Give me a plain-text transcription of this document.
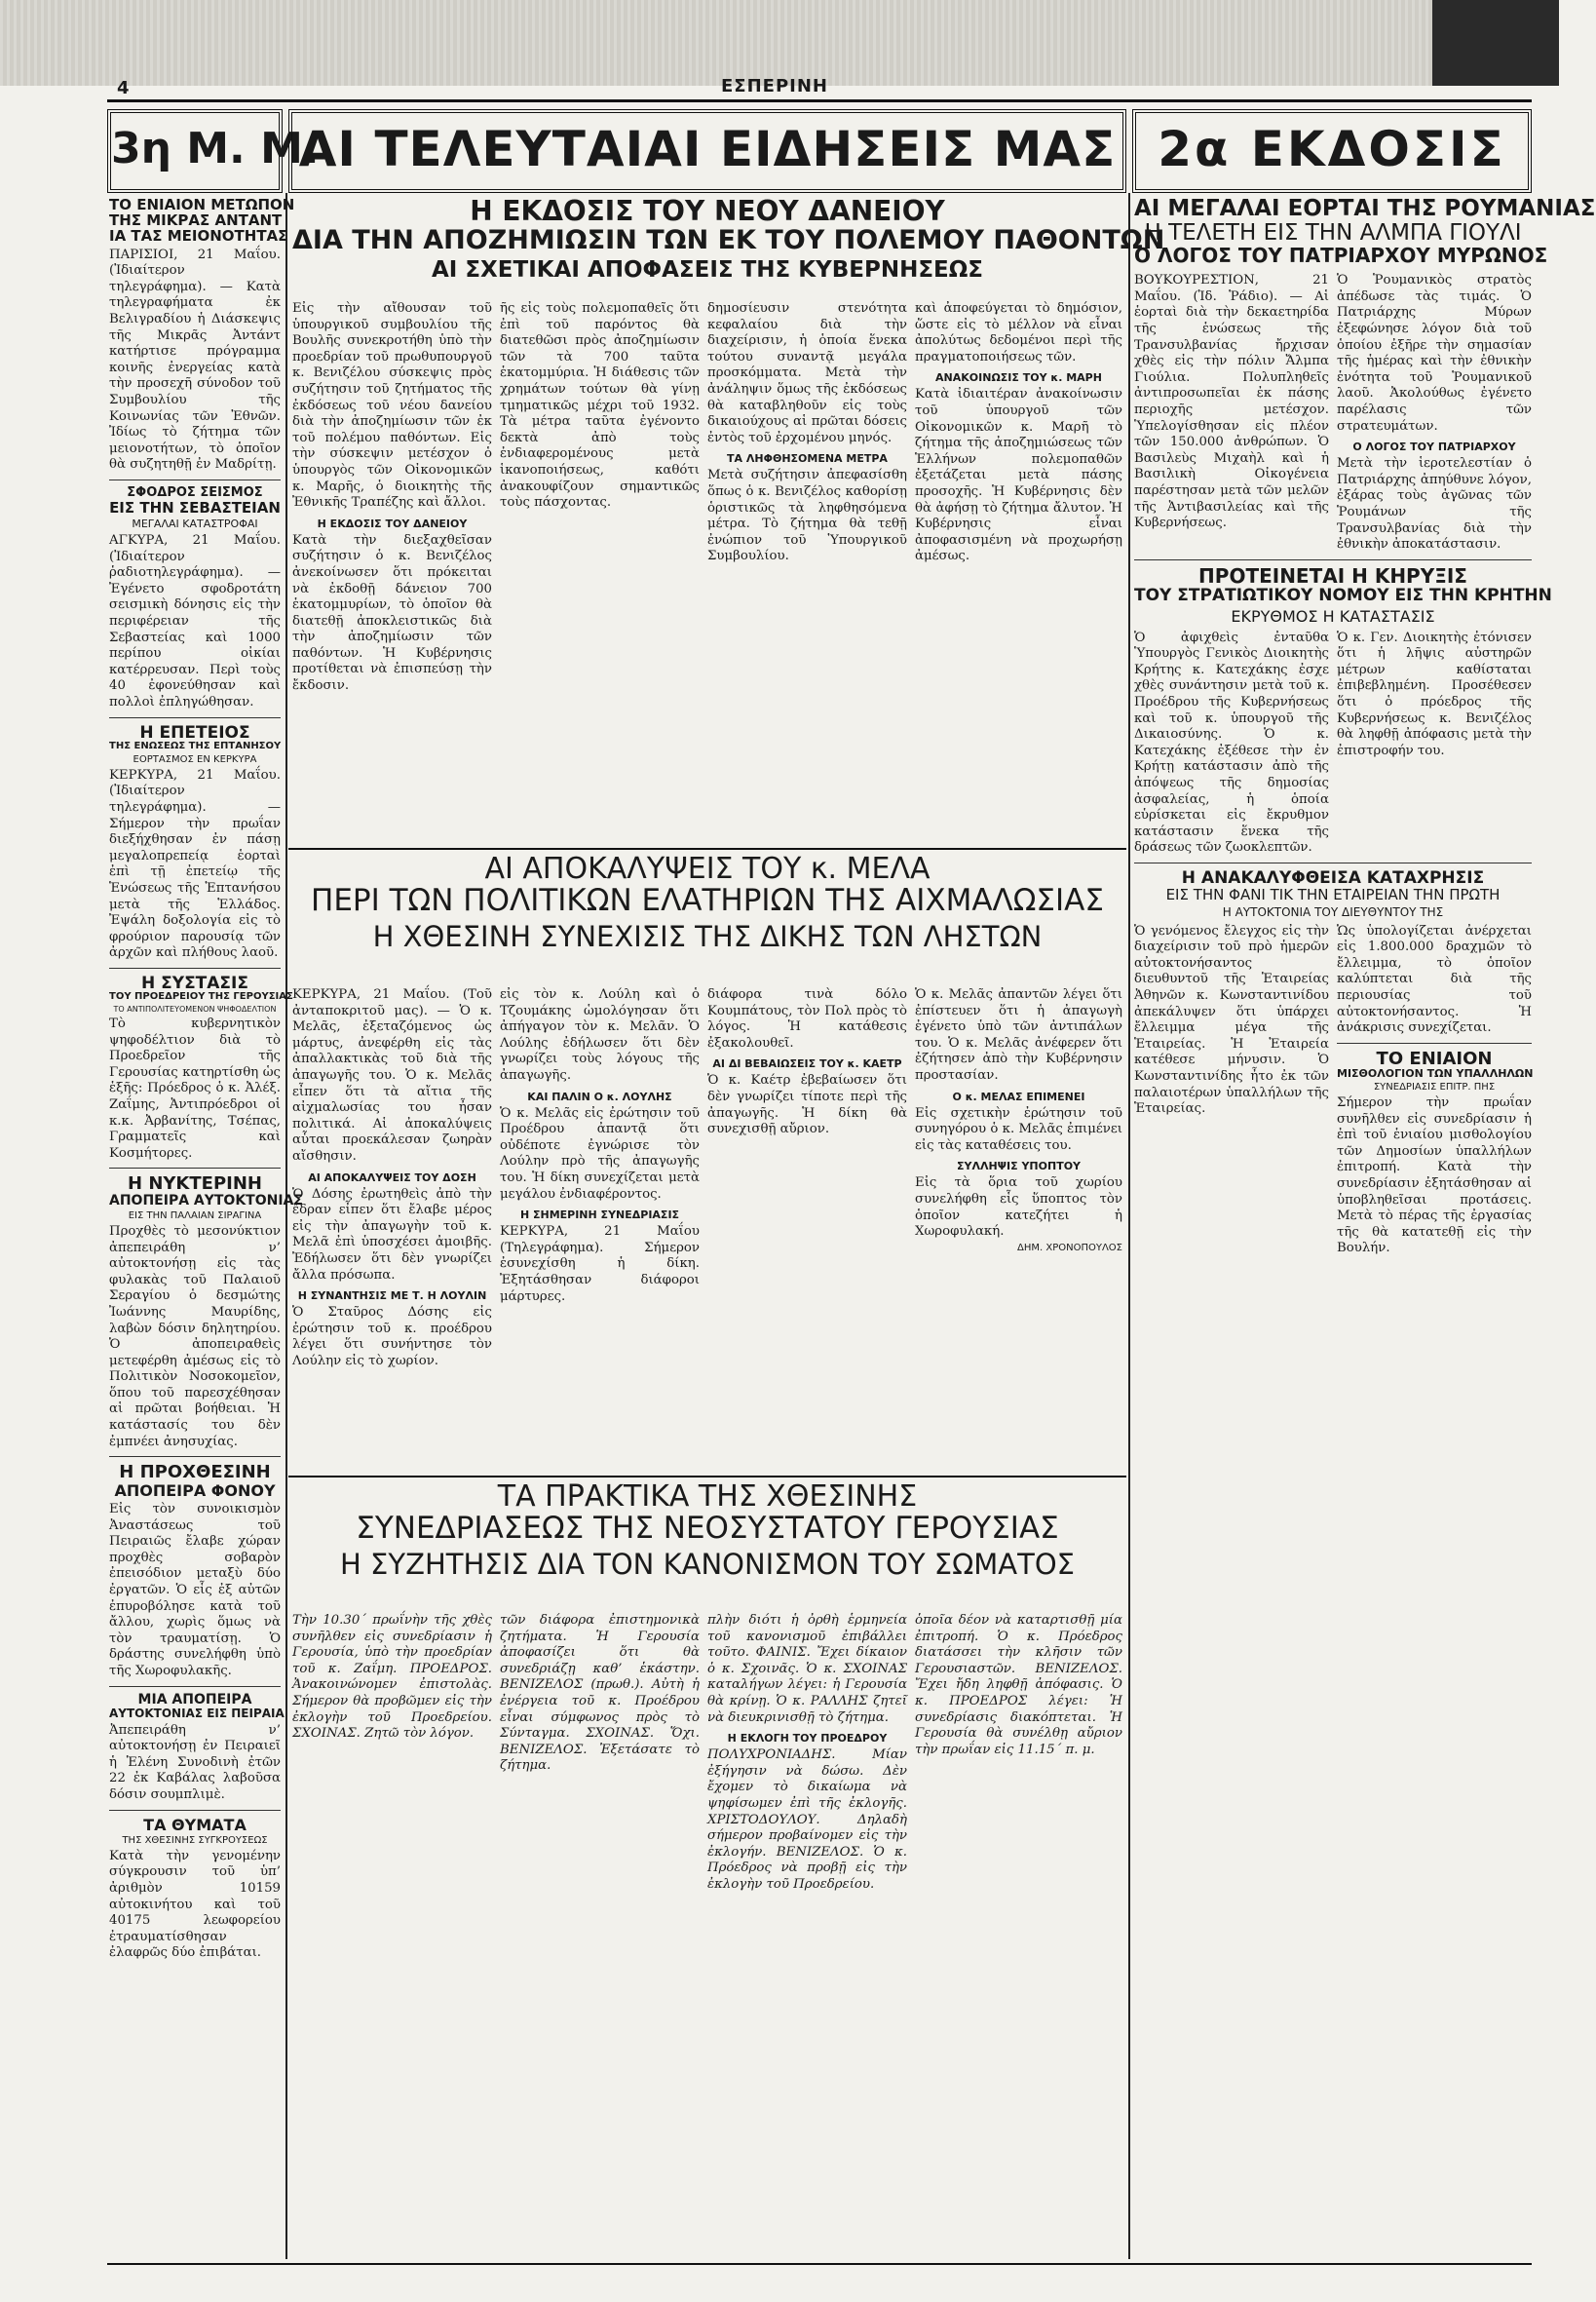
4	ΕΣΠΕΡΙΝΗ
3η Μ. Μ.
ΑΙ ΤΕΛΕΥΤΑΙΑΙ ΕΙΔΗΣΕΙΣ ΜΑΣ 2α ΕΚΔΟΣΙΣ

ΤΟ ΕΝΙΑΙΟΝ ΜΕΤΩΠΟΝ

ΤΗΣ ΜΙΚΡΑΣ ΑΝΤΑΝΤ

ΙΑ ΤΑΣ ΜΕΙΟΝΟΤΗΤΑΣ

ΠΑΡΙΣΙΟΙ, 21 Μαΐου. (Ἰδιαίτερον τηλεγράφημα). — Κατὰ τηλεγραφήματα ἐκ Βελιγραδίου ἡ Διάσκεψις τῆς Μικρᾶς Ἀντάντ κατήρτισε πρόγραμμα κοινῆς ἐνεργείας κατὰ τὴν προσεχῆ σύνοδον τοῦ Συμβουλίου τῆς Κοινωνίας τῶν Ἐθνῶν. Ἰδίως τὸ ζήτημα τῶν μειονοτήτων, τὸ ὁποῖον θὰ συζητηθῇ ἐν Μαδρίτῃ.

ΣΦΟΔΡΟΣ ΣΕΙΣΜΟΣ

ΕΙΣ ΤΗΝ ΣΕΒΑΣΤΕΙΑΝ

ΜΕΓΑΛΑΙ ΚΑΤΑΣΤΡΟΦΑΙ

ΑΓΚΥΡΑ, 21 Μαΐου. (Ἰδιαίτερον ῥαδιοτηλεγράφημα). — Ἐγένετο σφοδροτάτη σεισμικὴ δόνησις εἰς τὴν περιφέρειαν τῆς Σεβαστείας καὶ 1000 περίπου οἰκίαι κατέρρευσαν. Περὶ τοὺς 40 ἐφονεύθησαν καὶ πολλοὶ ἐπληγώθησαν.

Η ΕΠΕΤΕΙΟΣ

ΤΗΣ ΕΝΩΣΕΩΣ ΤΗΣ ΕΠΤΑΝΗΣΟΥ

ΕΟΡΤΑΣΜΟΣ ΕΝ ΚΕΡΚΥΡΑ

ΚΕΡΚΥΡΑ, 21 Μαΐου. (Ἰδιαίτερον τηλεγράφημα). — Σήμερον τὴν πρωΐαν διεξήχθησαν ἐν πάσῃ μεγαλοπρεπείᾳ ἑορταὶ ἐπὶ τῇ ἐπετείῳ τῆς Ἑνώσεως τῆς Ἑπτανήσου μετὰ τῆς Ἑλλάδος. Ἐψάλη δοξολογία εἰς τὸ φρούριον παρουσίᾳ τῶν ἀρχῶν καὶ πλήθους λαοῦ.

Η ΣΥΣΤΑΣΙΣ

ΤΟΥ ΠΡΟΕΔΡΕΙΟΥ ΤΗΣ ΓΕΡΟΥΣΙΑΣ

ΤΟ ΑΝΤΙΠΟΛΙΤΕΥΟΜΕΝΟΝ ΨΗΦΟΔΕΛΤΙΟΝ

Τὸ κυβερνητικὸν ψηφοδέλτιον διὰ τὸ Προεδρεῖον τῆς Γερουσίας κατηρτίσθη ὡς ἑξῆς: Πρόεδρος ὁ κ. Ἀλέξ. Ζαΐμης, Ἀντιπρόεδροι οἱ κ.κ. Ἀρβανίτης, Τσέπας, Γραμματεῖς καὶ Κοσμήτορες.

Η ΝΥΚΤΕΡΙΝΗ

ΑΠΟΠΕΙΡΑ ΑΥΤΟΚΤΟΝΙΑΣ

ΕΙΣ ΤΗΝ ΠΑΛΑΙΑΝ ΣΙΡΑΓΙΝΑ

Προχθὲς τὸ μεσονύκτιον ἀπεπειράθη ν’ αὐτοκτονήσῃ εἰς τὰς φυλακὰς τοῦ Παλαιοῦ Σεραγίου ὁ δεσμώτης Ἰωάννης Μαυρίδης, λαβὼν δόσιν δηλητηρίου. Ὁ ἀποπειραθεὶς μετεφέρθη ἀμέσως εἰς τὸ Πολιτικὸν Νοσοκομεῖον, ὅπου τοῦ παρεσχέθησαν αἱ πρῶται βοήθειαι. Ἡ κατάστασίς του δὲν ἐμπνέει ἀνησυχίας.

Η ΠΡΟΧΘΕΣΙΝΗ

ΑΠΟΠΕΙΡΑ ΦΟΝΟΥ

Εἰς τὸν συνοικισμὸν Ἀναστάσεως τοῦ Πειραιῶς ἔλαβε χώραν προχθὲς σοβαρὸν ἐπεισόδιον μεταξὺ δύο ἐργατῶν. Ὁ εἷς ἐξ αὐτῶν ἐπυροβόλησε κατὰ τοῦ ἄλλου, χωρὶς ὅμως νὰ τὸν τραυματίσῃ. Ὁ δράστης συνελήφθη ὑπὸ τῆς Χωροφυλακῆς.

ΜΙΑ ΑΠΟΠΕΙΡΑ

ΑΥΤΟΚΤΟΝΙΑΣ ΕΙΣ ΠΕΙΡΑΙΑ

Ἀπεπειράθη ν’ αὐτοκτονήσῃ ἐν Πειραιεῖ ἡ Ἑλένη Συνοδινὴ ἐτῶν 22 ἐκ Καβάλας λαβοῦσα δόσιν σουμπλιμὲ.

ΤΑ ΘΥΜΑΤΑ

ΤΗΣ ΧΘΕΣΙΝΗΣ ΣΥΓΚΡΟΥΣΕΩΣ

Κατὰ τὴν γενομένην σύγκρουσιν τοῦ ὑπ’ ἀριθμὸν 10159 αὐτοκινήτου καὶ τοῦ 40175 λεωφορείου ἐτραυματίσθησαν ἐλαφρῶς δύο ἐπιβάται.

Η ΕΚΔΟΣΙΣ ΤΟΥ ΝΕΟΥ ΔΑΝΕΙΟΥ

ΔΙΑ ΤΗΝ ΑΠΟΖΗΜΙΩΣΙΝ ΤΩΝ ΕΚ ΤΟΥ ΠΟΛΕΜΟΥ ΠΑΘΟΝΤΩΝ

ΑΙ ΣΧΕΤΙΚΑΙ ΑΠΟΦΑΣΕΙΣ ΤΗΣ ΚΥΒΕΡΝΗΣΕΩΣ

Εἰς τὴν αἴθουσαν τοῦ ὑπουργικοῦ συμβουλίου τῆς Βουλῆς συνεκροτήθη ὑπὸ τὴν προεδρίαν τοῦ πρωθυπουργοῦ κ. Βενιζέλου σύσκεψις πρὸς συζήτησιν τοῦ ζητήματος τῆς ἐκδόσεως τοῦ νέου δανείου διὰ τὴν ἀποζημίωσιν τῶν ἐκ τοῦ πολέμου παθόντων. Εἰς τὴν σύσκεψιν μετέσχον ὁ ὑπουργὸς τῶν Οἰκονομικῶν κ. Μαρῆς, ὁ διοικητὴς τῆς Ἐθνικῆς Τραπέζης καὶ ἄλλοι.

Η ΕΚΔΟΣΙΣ ΤΟΥ ΔΑΝΕΙΟΥ

Κατὰ τὴν διεξαχθεῖσαν συζήτησιν ὁ κ. Βενιζέλος ἀνεκοίνωσεν ὅτι πρόκειται νὰ ἐκδοθῇ δάνειον 700 ἑκατομμυρίων, τὸ ὁποῖον θὰ διατεθῇ ἀποκλειστικῶς διὰ τὴν ἀποζημίωσιν τῶν παθόντων. Ἡ Κυβέρνησις προτίθεται νὰ ἐπισπεύσῃ τὴν ἔκδοσιν.

ῆς εἰς τοὺς πολεμοπαθεῖς ὅτι ἐπὶ τοῦ παρόντος θὰ διατεθῶσι πρὸς ἀποζημίωσιν τῶν τὰ 700 ταῦτα ἑκατομμύρια. Ἡ διάθεσις τῶν χρημάτων τούτων θὰ γίνῃ τμηματικῶς μέχρι τοῦ 1932. Τὰ μέτρα ταῦτα ἐγένοντο δεκτὰ ἀπὸ τοὺς ἐνδιαφερομένους μετὰ ἱκανοποιήσεως, καθότι ἀνακουφίζουν σημαντικῶς τοὺς πάσχοντας.

δημοσίευσιν στενότητα κεφαλαίου διὰ τὴν διαχείρισιν, ἡ ὁποία ἕνεκα τούτου συναντᾷ μεγάλα προσκόμματα. Μετὰ τὴν ἀνάληψιν ὅμως τῆς ἐκδόσεως θὰ καταβληθοῦν εἰς τοὺς δικαιούχους αἱ πρῶται δόσεις ἐντὸς τοῦ ἐρχομένου μηνός.

ΤΑ ΛΗΦΘΗΣΟΜΕΝΑ ΜΕΤΡΑ

Μετὰ συζήτησιν ἀπεφασίσθη ὅπως ὁ κ. Βενιζέλος καθορίσῃ ὁριστικῶς τὰ ληφθησόμενα μέτρα. Τὸ ζήτημα θὰ τεθῇ ἐνώπιον τοῦ Ὑπουργικοῦ Συμβουλίου.

καὶ ἀποφεύγεται τὸ δημόσιον, ὥστε εἰς τὸ μέλλον νὰ εἶναι ἀπολύτως δεδομένοι περὶ τῆς πραγματοποιήσεως τῶν.

ΑΝΑΚΟΙΝΩΣΙΣ ΤΟΥ κ. ΜΑΡΗ

Κατὰ ἰδιαιτέραν ἀνακοίνωσιν τοῦ ὑπουργοῦ τῶν Οἰκονομικῶν κ. Μαρῆ τὸ ζήτημα τῆς ἀποζημιώσεως τῶν Ἑλλήνων πολεμοπαθῶν ἐξετάζεται μετὰ πάσης προσοχῆς. Ἡ Κυβέρνησις δὲν θὰ ἀφήσῃ τὸ ζήτημα ἄλυτον. Ἡ Κυβέρνησις εἶναι ἀποφασισμένη νὰ προχωρήσῃ ἀμέσως.

ΑΙ ΑΠΟΚΑΛΥΨΕΙΣ ΤΟΥ κ. ΜΕΛΑ

ΠΕΡΙ ΤΩΝ ΠΟΛΙΤΙΚΩΝ ΕΛΑΤΗΡΙΩΝ ΤΗΣ ΑΙΧΜΑΛΩΣΙΑΣ

Η ΧΘΕΣΙΝΗ ΣΥΝΕΧΙΣΙΣ ΤΗΣ ΔΙΚΗΣ ΤΩΝ ΛΗΣΤΩΝ

ΚΕΡΚΥΡΑ, 21 Μαΐου. (Τοῦ ἀνταποκριτοῦ μας). — Ὁ κ. Μελᾶς, ἐξεταζόμενος ὡς μάρτυς, ἀνεφέρθη εἰς τὰς ἀπαλλακτικὰς τοῦ διὰ τῆς ἀπαγωγῆς του. Ὁ κ. Μελᾶς εἶπεν ὅτι τὰ αἴτια τῆς αἰχμαλωσίας του ἦσαν πολιτικά. Αἱ ἀποκαλύψεις αὗται προεκάλεσαν ζωηρὰν αἴσθησιν.

ΑΙ ΑΠΟΚΑΛΥΨΕΙΣ ΤΟΥ ΔΟΣΗ

Ὁ Δόσης ἐρωτηθεὶς ἀπὸ τὴν ἕδραν εἶπεν ὅτι ἔλαβε μέρος εἰς τὴν ἀπαγωγὴν τοῦ κ. Μελᾶ ἐπὶ ὑποσχέσει ἀμοιβῆς. Ἐδήλωσεν ὅτι δὲν γνωρίζει ἄλλα πρόσωπα.

Η ΣΥΝΑΝΤΗΣΙΣ ΜΕ Τ. Η ΛΟΥΛΙΝ

Ὁ Σταῦρος Δόσης εἰς ἐρώτησιν τοῦ κ. προέδρου λέγει ὅτι συνήντησε τὸν Λούλην εἰς τὸ χωρίον.

εἰς τὸν κ. Λούλη καὶ ὁ Τζουμάκης ὡμολόγησαν ὅτι ἀπήγαγον τὸν κ. Μελᾶν. Ὁ Λούλης ἐδήλωσεν ὅτι δὲν γνωρίζει τοὺς λόγους τῆς ἀπαγωγῆς.

ΚΑΙ ΠΑΛΙΝ Ο κ. ΛΟΥΛΗΣ

Ὁ κ. Μελᾶς εἰς ἐρώτησιν τοῦ Προέδρου ἀπαντᾷ ὅτι οὐδέποτε ἐγνώρισε τὸν Λούλην πρὸ τῆς ἀπαγωγῆς του. Ἡ δίκη συνεχίζεται μετὰ μεγάλου ἐνδιαφέροντος.

Η ΣΗΜΕΡΙΝΗ ΣΥΝΕΔΡΙΑΣΙΣ

ΚΕΡΚΥΡΑ, 21 Μαΐου (Τηλεγράφημα). Σήμερον ἐσυνεχίσθη ἡ δίκη. Ἐξητάσθησαν διάφοροι μάρτυρες.

διάφορα τινὰ δόλο Κουμπάτους, τὸν Πολ πρὸς τὸ λόγος. Ἡ κατάθεσις ἐξακολουθεῖ.

ΑΙ ΔΙ ΒΕΒΑΙΩΣΕΙΣ ΤΟΥ κ. ΚΑΕΤΡ

Ὁ κ. Καέτρ ἐβεβαίωσεν ὅτι δὲν γνωρίζει τίποτε περὶ τῆς ἀπαγωγῆς. Ἡ δίκη θὰ συνεχισθῇ αὔριον.

Ὁ κ. Μελᾶς ἀπαντῶν λέγει ὅτι ἐπίστευεν ὅτι ἡ ἀπαγωγὴ ἐγένετο ὑπὸ τῶν ἀντιπάλων του. Ὁ κ. Μελᾶς ἀνέφερεν ὅτι ἐζήτησεν ἀπὸ τὴν Κυβέρνησιν προστασίαν.

Ο κ. ΜΕΛΑΣ ΕΠΙΜΕΝΕΙ

Εἰς σχετικὴν ἐρώτησιν τοῦ συνηγόρου ὁ κ. Μελᾶς ἐπιμένει εἰς τὰς καταθέσεις του.

ΣΥΛΛΗΨΙΣ ΥΠΟΠΤΟΥ

Εἰς τὰ ὅρια τοῦ χωρίου συνελήφθη εἷς ὕποπτος τὸν ὁποῖον κατεζήτει ἡ Χωροφυλακή.

ΔΗΜ. ΧΡΟΝΟΠΟΥΛΟΣ

ΤΑ ΠΡΑΚΤΙΚΑ ΤΗΣ ΧΘΕΣΙΝΗΣ

ΣΥΝΕΔΡΙΑΣΕΩΣ ΤΗΣ ΝΕΟΣΥΣΤΑΤΟΥ ΓΕΡΟΥΣΙΑΣ

Η ΣΥΖΗΤΗΣΙΣ ΔΙΑ ΤΟΝ ΚΑΝΟΝΙΣΜΟΝ ΤΟΥ ΣΩΜΑΤΟΣ

Τὴν 10.30΄ πρωΐνὴν τῆς χθὲς συνῆλθεν εἰς συνεδρίασιν ἡ Γερουσία, ὑπὸ τὴν προεδρίαν τοῦ κ. Ζαΐμη. ΠΡΟΕΔΡΟΣ. Ἀνακοινώνομεν ἐπιστολὰς. Σήμερον θὰ προβῶμεν εἰς τὴν ἐκλογὴν τοῦ Προεδρείου. ΣΧΟΙΝΑΣ. Ζητῶ τὸν λόγον.

τῶν διάφορα ἐπιστημονικὰ ζητήματα. Ἡ Γερουσία ἀποφασίζει ὅτι θὰ συνεδριάζῃ καθ’ ἑκάστην. ΒΕΝΙΖΕΛΟΣ (πρωθ.). Αὐτὴ ἡ ἐνέργεια τοῦ κ. Προέδρου εἶναι σύμφωνος πρὸς τὸ Σύνταγμα. ΣΧΟΙΝΑΣ. Ὅχι. ΒΕΝΙΖΕΛΟΣ. Ἐξετάσατε τὸ ζήτημα.

πλὴν διότι ἡ ὀρθὴ ἑρμηνεία τοῦ κανονισμοῦ ἐπιβάλλει τοῦτο. ΦΑΙΝΙΣ. Ἔχει δίκαιον ὁ κ. Σχοινᾶς. Ὁ κ. ΣΧΟΙΝΑΣ καταλήγων λέγει: ἡ Γερουσία θὰ κρίνῃ. Ὁ κ. ΡΑΛΛΗΣ ζητεῖ νὰ διευκρινισθῇ τὸ ζήτημα.

Η ΕΚΛΟΓΗ ΤΟΥ ΠΡΟΕΔΡΟΥ

ΠΟΛΥΧΡΟΝΙΑΔΗΣ. Μίαν ἐξήγησιν νὰ δώσω. Δὲν ἔχομεν τὸ δικαίωμα νὰ ψηφίσωμεν ἐπὶ τῆς ἐκλογῆς. ΧΡΙΣΤΟΔΟΥΛΟΥ. Δηλαδὴ σήμερον προβαίνομεν εἰς τὴν ἐκλογήν. ΒΕΝΙΖΕΛΟΣ. Ὁ κ. Πρόεδρος νὰ προβῇ εἰς τὴν ἐκλογὴν τοῦ Προεδρείου.

ὁποῖα δέον νὰ καταρτισθῇ μία ἐπιτροπή. Ὁ κ. Πρόεδρος διατάσσει τὴν κλῆσιν τῶν Γερουσιαστῶν. ΒΕΝΙΖΕΛΟΣ. Ἔχει ἤδη ληφθῇ ἀπόφασις. Ὁ κ. ΠΡΟΕΔΡΟΣ λέγει: Ἡ συνεδρίασις διακόπτεται. Ἡ Γερουσία θὰ συνέλθῃ αὔριον τὴν πρωΐαν εἰς 11.15΄ π. μ.

ΑΙ ΜΕΓΑΛΑΙ ΕΟΡΤΑΙ ΤΗΣ ΡΟΥΜΑΝΙΑΣ

Η ΤΕΛΕΤΗ ΕΙΣ ΤΗΝ ΑΛΜΠΑ ΓΙΟΥΛΙ

Ο ΛΟΓΟΣ ΤΟΥ ΠΑΤΡΙΑΡΧΟΥ ΜΥΡΩΝΟΣ

ΒΟΥΚΟΥΡΕΣΤΙΟΝ, 21 Μαΐου. (Ἰδ. Ῥάδιο). — Αἱ ἑορταὶ διὰ τὴν δεκαετηρίδα τῆς ἑνώσεως τῆς Τρανσυλβανίας ἤρχισαν χθὲς εἰς τὴν πόλιν Ἄλμπα Γιούλια. Πολυπληθεῖς ἀντιπροσωπεῖαι ἐκ πάσης περιοχῆς μετέσχον. Ὑπελογίσθησαν εἰς πλέον τῶν 150.000 ἀνθρώπων. Ὁ Βασιλεὺς Μιχαὴλ καὶ ἡ Βασιλικὴ Οἰκογένεια παρέστησαν μετὰ τῶν μελῶν τῆς Ἀντιβασιλείας καὶ τῆς Κυβερνήσεως.

Ὁ Ῥουμανικὸς στρατὸς ἀπέδωσε τὰς τιμάς. Ὁ Πατριάρχης Μύρων ἐξεφώνησε λόγον διὰ τοῦ ὁποίου ἐξῆρε τὴν σημασίαν τῆς ἡμέρας καὶ τὴν ἐθνικὴν ἑνότητα τοῦ Ῥουμανικοῦ λαοῦ. Ἀκολούθως ἐγένετο παρέλασις τῶν στρατευμάτων.

Ο ΛΟΓΟΣ ΤΟΥ ΠΑΤΡΙΑΡΧΟΥ

Μετὰ τὴν ἱεροτελεστίαν ὁ Πατριάρχης ἀπηύθυνε λόγον, ἐξάρας τοὺς ἀγῶνας τῶν Ῥουμάνων τῆς Τρανσυλβανίας διὰ τὴν ἐθνικὴν ἀποκατάστασιν.

ΠΡΟΤΕΙΝΕΤΑΙ Η ΚΗΡΥΞΙΣ

ΤΟΥ ΣΤΡΑΤΙΩΤΙΚΟΥ ΝΟΜΟΥ ΕΙΣ ΤΗΝ ΚΡΗΤΗΝ

ΕΚΡΥΘΜΟΣ Η ΚΑΤΑΣΤΑΣΙΣ

Ὁ ἀφιχθεὶς ἐνταῦθα Ὑπουργὸς Γενικὸς Διοικητὴς Κρήτης κ. Κατεχάκης ἐσχε χθὲς συνάντησιν μετὰ τοῦ κ. Προέδρου τῆς Κυβερνήσεως καὶ τοῦ κ. ὑπουργοῦ τῆς Δικαιοσύνης. Ὁ κ. Κατεχάκης ἐξέθεσε τὴν ἐν Κρήτῃ κατάστασιν ἀπὸ τῆς ἀπόψεως τῆς δημοσίας ἀσφαλείας, ἡ ὁποία εὑρίσκεται εἰς ἔκρυθμον κατάστασιν ἕνεκα τῆς δράσεως τῶν ζωοκλεπτῶν.

Ὁ κ. Γεν. Διοικητὴς ἐτόνισεν ὅτι ἡ λῆψις αὐστηρῶν μέτρων καθίσταται ἐπιβεβλημένη. Προσέθεσεν ὅτι ὁ πρόεδρος τῆς Κυβερνήσεως κ. Βενιζέλος θὰ ληφθῇ ἀπόφασις μετὰ τὴν ἐπιστροφήν του.

Η ΑΝΑΚΑΛΥΦΘΕΙΣΑ ΚΑΤΑΧΡΗΣΙΣ

ΕΙΣ ΤΗΝ ΦΑΝΙ ΤΙΚ ΤΗΝ ΕΤΑΙΡΕΙΑΝ ΤΗΝ ΠΡΩΤΗ

Η ΑΥΤΟΚΤΟΝΙΑ ΤΟΥ ΔΙΕΥΘΥΝΤΟΥ ΤΗΣ

Ὁ γενόμενος ἔλεγχος εἰς τὴν διαχείρισιν τοῦ πρὸ ἡμερῶν αὐτοκτονήσαντος διευθυντοῦ τῆς Ἑταιρείας Ἀθηνῶν κ. Κωνσταντινίδου ἀπεκάλυψεν ὅτι ὑπάρχει ἔλλειμμα μέγα τῆς Ἑταιρείας. Ἡ Ἑταιρεία κατέθεσε μήνυσιν. Ὁ Κωνσταντινίδης ἦτο ἐκ τῶν παλαιοτέρων ὑπαλλήλων τῆς Ἑταιρείας.

Ὡς ὑπολογίζεται ἀνέρχεται εἰς 1.800.000 δραχμῶν τὸ ἔλλειμμα, τὸ ὁποῖον καλύπτεται διὰ τῆς περιουσίας τοῦ αὐτοκτονήσαντος. Ἡ ἀνάκρισις συνεχίζεται.

ΤΟ ΕΝΙΑΙΟΝ

ΜΙΣΘΟΛΟΓΙΟΝ ΤΩΝ ΥΠΑΛΛΗΛΩΝ

ΣΥΝΕΔΡΙΑΣΙΣ ΕΠΙΤΡ. ΠΗΣ

Σήμερον τὴν πρωΐαν συνῆλθεν εἰς συνεδρίασιν ἡ ἐπὶ τοῦ ἑνιαίου μισθολογίου τῶν Δημοσίων ὑπαλλήλων ἐπιτροπή. Κατὰ τὴν συνεδρίασιν ἐξητάσθησαν αἱ ὑποβληθεῖσαι προτάσεις. Μετὰ τὸ πέρας τῆς ἐργασίας τῆς θὰ κατατεθῇ εἰς τὴν Βουλήν.
